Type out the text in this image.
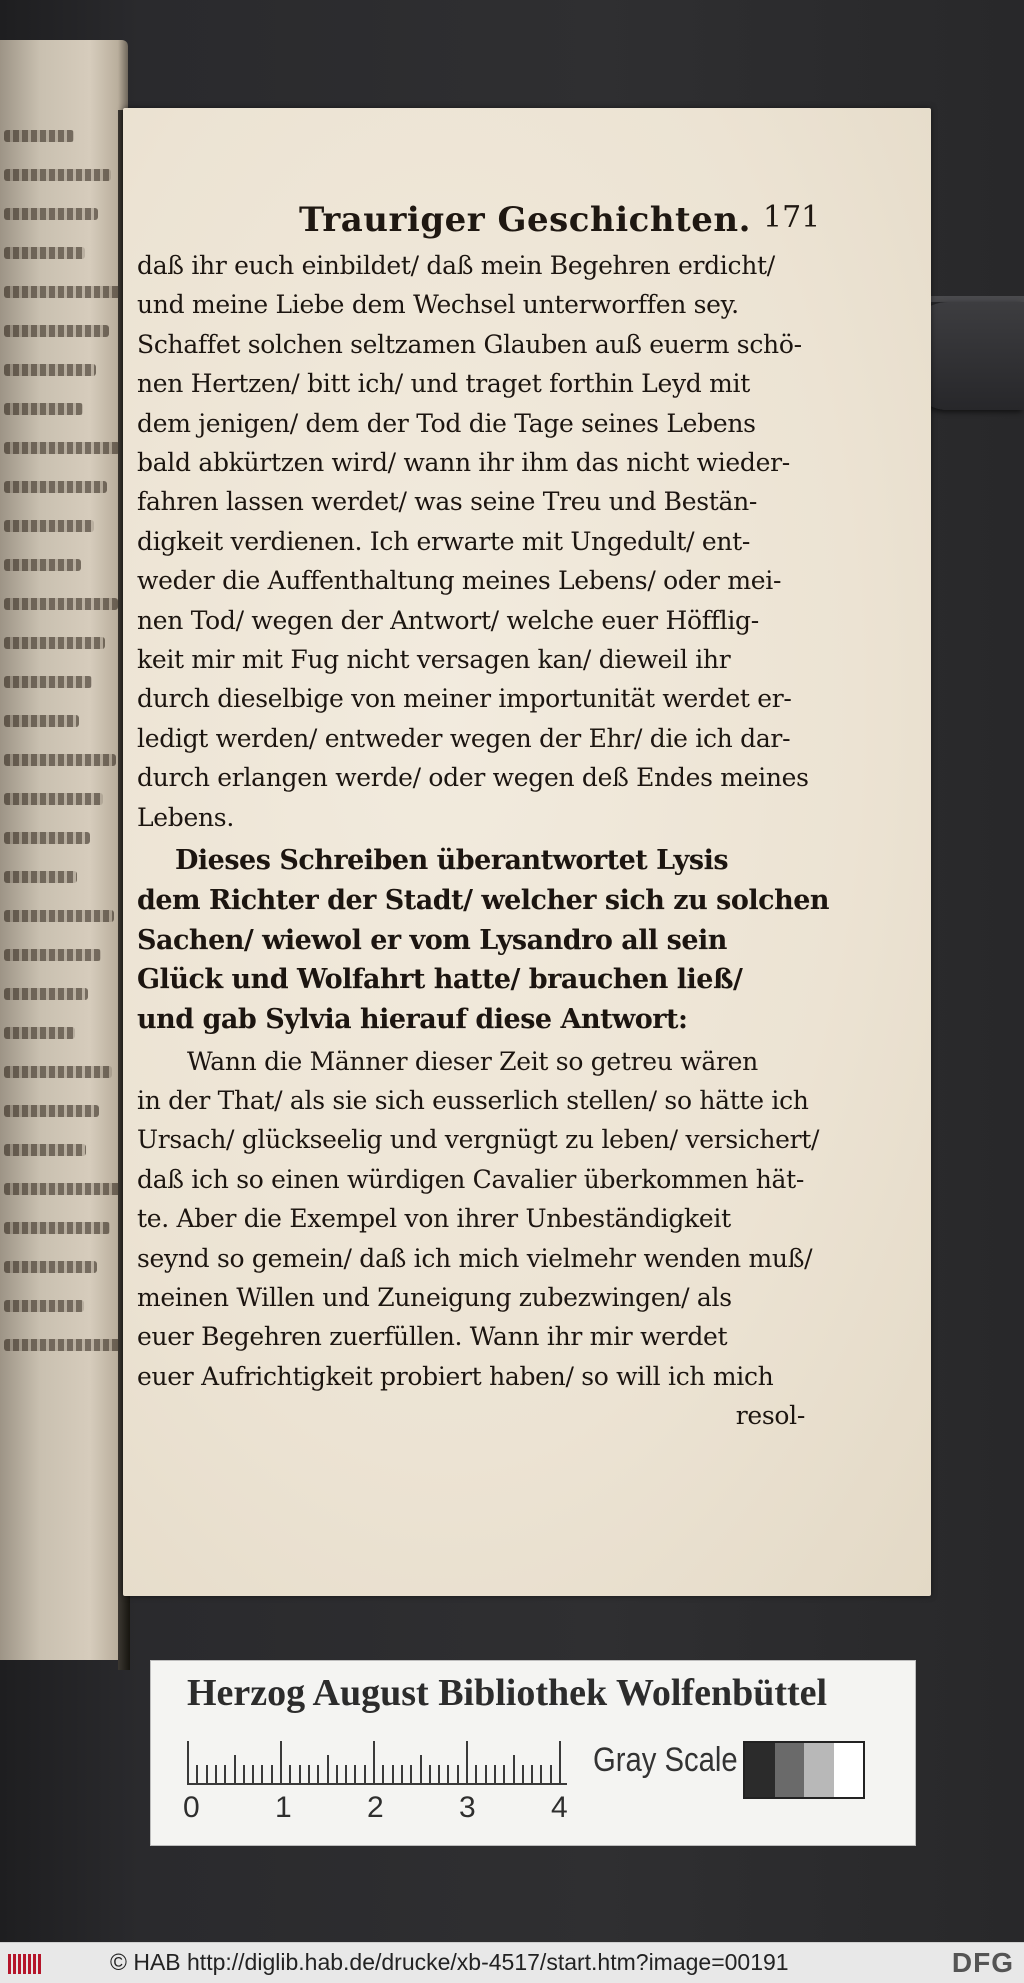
Trauriger Geschichten. 171
daß ihr euch einbildet/ daß mein Begehren erdicht/
und meine Liebe dem Wechsel unterworffen sey.
Schaffet solchen seltzamen Glauben auß euerm schö-
nen Hertzen/ bitt ich/ und traget forthin Leyd mit
dem jenigen/ dem der Tod die Tage seines Lebens
bald abkürtzen wird/ wann ihr ihm das nicht wieder-
fahren lassen werdet/ was seine Treu und Bestän-
digkeit verdienen. Ich erwarte mit Ungedult/ ent-
weder die Auffenthaltung meines Lebens/ oder mei-
nen Tod/ wegen der Antwort/ welche euer Höfflig-
keit mir mit Fug nicht versagen kan/ dieweil ihr
durch dieselbige von meiner importunität werdet er-
ledigt werden/ entweder wegen der Ehr/ die ich dar-
durch erlangen werde/ oder wegen deß Endes meines
Lebens.
Dieses Schreiben überantwortet Lysis
dem Richter der Stadt/ welcher sich zu solchen
Sachen/ wiewol er vom Lysandro all sein
Glück und Wolfahrt hatte/ brauchen ließ/
und gab Sylvia hierauf diese Antwort:
Wann die Männer dieser Zeit so getreu wären
in der That/ als sie sich eusserlich stellen/ so hätte ich
Ursach/ glückseelig und vergnügt zu leben/ versichert/
daß ich so einen würdigen Cavalier überkommen hät-
te. Aber die Exempel von ihrer Unbeständigkeit
seynd so gemein/ daß ich mich vielmehr wenden muß/
meinen Willen und Zuneigung zubezwingen/ als
euer Begehren zuerfüllen. Wann ihr mir werdet
euer Aufrichtigkeit probiert haben/ so will ich mich
resol-
Herzog August Bibliothek Wolfenbüttel
0	1	2	3	4
Gray Scale
© HAB http://diglib.hab.de/drucke/xb-4517/start.htm?image=00191	DFG
